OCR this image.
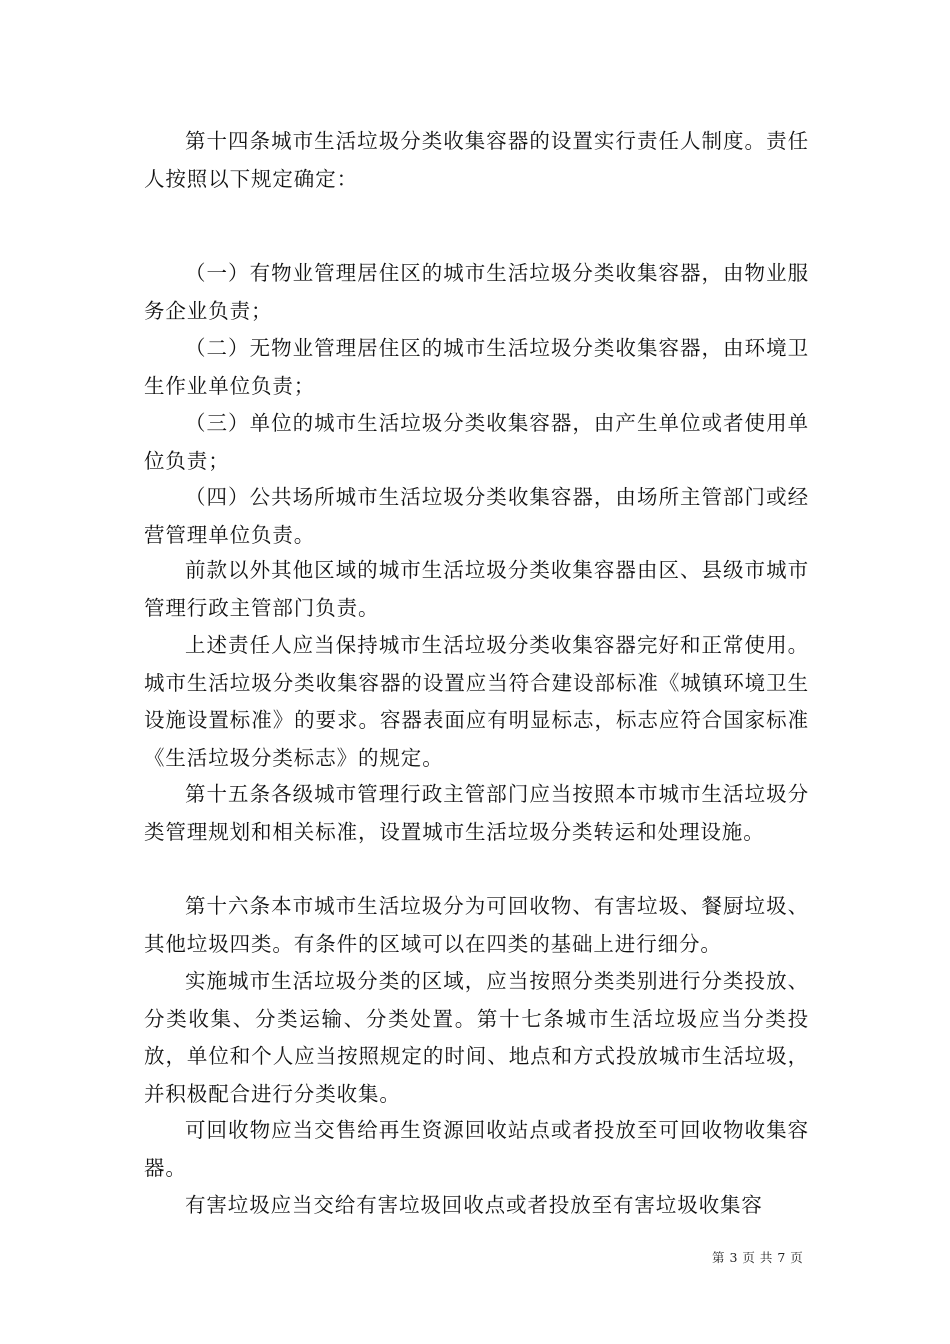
第十四条城市生活垃圾分类收集容器的设置实行责任人制度。责任人按照以下规定确定：

（一）有物业管理居住区的城市生活垃圾分类收集容器，由物业服务企业负责；

（二）无物业管理居住区的城市生活垃圾分类收集容器，由环境卫生作业单位负责；

（三）单位的城市生活垃圾分类收集容器，由产生单位或者使用单位负责；

（四）公共场所城市生活垃圾分类收集容器，由场所主管部门或经营管理单位负责。

前款以外其他区域的城市生活垃圾分类收集容器由区、县级市城市管理行政主管部门负责。

上述责任人应当保持城市生活垃圾分类收集容器完好和正常使用。城市生活垃圾分类收集容器的设置应当符合建设部标准《城镇环境卫生设施设置标准》的要求。容器表面应有明显标志，标志应符合国家标准《生活垃圾分类标志》的规定。

第十五条各级城市管理行政主管部门应当按照本市城市生活垃圾分类管理规划和相关标准，设置城市生活垃圾分类转运和处理设施。

第十六条本市城市生活垃圾分为可回收物、有害垃圾、餐厨垃圾、其他垃圾四类。有条件的区域可以在四类的基础上进行细分。

实施城市生活垃圾分类的区域，应当按照分类类别进行分类投放、分类收集、分类运输、分类处置。第十七条城市生活垃圾应当分类投放，单位和个人应当按照规定的时间、地点和方式投放城市生活垃圾，并积极配合进行分类收集。

可回收物应当交售给再生资源回收站点或者投放至可回收物收集容器。

有害垃圾应当交给有害垃圾回收点或者投放至有害垃圾收集容

第 3 页 共 7 页
